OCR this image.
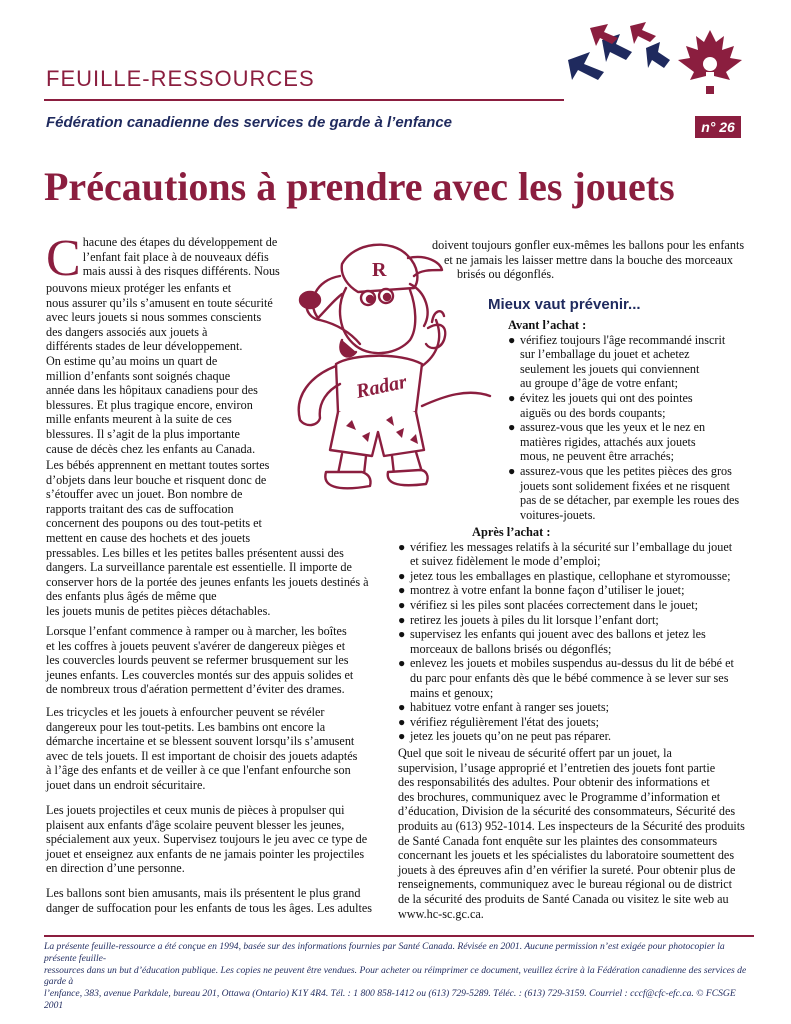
FEUILLE-RESSOURCES
Fédération canadienne des services de garde à l’enfance	n° 26
Précautions à prendre avec les jouets
C hacune des étapes du développement de
l’enfant fait place à de nouveaux défis
mais aussi à des risques différents. Nous
pouvons mieux protéger les enfants et
nous assurer qu’ils s’amusent en toute sécurité
avec leurs jouets si nous sommes conscients
des dangers associés aux jouets à
différents stades de leur développement.
On estime qu’au moins un quart de
million d’enfants sont soignés chaque
année dans les hôpitaux canadiens pour des
blessures. Et plus tragique encore, environ
mille enfants meurent à la suite de ces
blessures. Il s’agit de la plus importante
cause de décès chez les enfants au Canada.
Les bébés apprennent en mettant toutes sortes
d’objets dans leur bouche et risquent donc de
s’étouffer avec un jouet. Bon nombre de
rapports traitant des cas de suffocation
concernent des poupons ou des tout-petits et
mettent en cause des hochets et des jouets
pressables. Les billes et les petites balles présentent aussi des
dangers. La surveillance parentale est essentielle. Il importe de
conserver hors de la portée des jeunes enfants les jouets destinés à
des enfants plus âgés de même que
les jouets munis de petites pièces détachables.
Lorsque l’enfant commence à ramper ou à marcher, les boîtes
et les coffres à jouets peuvent s'avérer de dangereux pièges et
les couvercles lourds peuvent se refermer brusquement sur les
jeunes enfants. Les couvercles montés sur des appuis solides et
de nombreux trous d'aération permettent d’éviter des drames.
Les tricycles et les jouets à enfourcher peuvent se révéler
dangereux pour les tout-petits. Les bambins ont encore la
démarche incertaine et se blessent souvent lorsqu’ils s’amusent
avec de tels jouets. Il est important de choisir des jouets adaptés
à l’âge des enfants et de veiller à ce que l'enfant enfourche son
jouet dans un endroit sécuritaire.
Les jouets projectiles et ceux munis de pièces à propulser qui
plaisent aux enfants d'âge scolaire peuvent blesser les jeunes,
spécialement aux yeux. Supervisez toujours le jeu avec ce type de
jouet et enseignez aux enfants de ne jamais pointer les projectiles
en direction d’une personne.
Les ballons sont bien amusants, mais ils présentent le plus grand
danger de suffocation pour les enfants de tous les âges. Les adultes
R
Radar
doivent toujours gonfler eux-mêmes les ballons pour les enfants
et ne jamais les laisser mettre dans la bouche des morceaux
brisés ou dégonflés.
Mieux vaut prévenir...
Avant l’achat :
● vérifiez toujours l'âge recommandé inscrit
sur l’emballage du jouet et achetez
seulement les jouets qui conviennent
au groupe d’âge de votre enfant;
● évitez les jouets qui ont des pointes
aiguës ou des bords coupants;
● assurez-vous que les yeux et le nez en
matières rigides, attachés aux jouets
mous, ne peuvent être arrachés;
● assurez-vous que les petites pièces des gros
jouets sont solidement fixées et ne risquent
pas de se détacher, par exemple les roues des
voitures-jouets.
Après l’achat :
● vérifiez les messages relatifs à la sécurité sur l’emballage du jouet
et suivez fidèlement le mode d’emploi;
● jetez tous les emballages en plastique, cellophane et styromousse;
● montrez à votre enfant la bonne façon d’utiliser le jouet;
● vérifiez si les piles sont placées correctement dans le jouet;
● retirez les jouets à piles du lit lorsque l’enfant dort;
● supervisez les enfants qui jouent avec des ballons et jetez les
morceaux de ballons brisés ou dégonflés;
● enlevez les jouets et mobiles suspendus au-dessus du lit de bébé et
du parc pour enfants dès que le bébé commence à se lever sur ses
mains et genoux;
● habituez votre enfant à ranger ses jouets;
● vérifiez régulièrement l'état des jouets;
● jetez les jouets qu’on ne peut pas réparer.
Quel que soit le niveau de sécurité offert par un jouet, la
supervision, l’usage approprié et l’entretien des jouets font partie
des responsabilités des adultes. Pour obtenir des informations et
des brochures, communiquez avec le Programme d’information et
d’éducation, Division de la sécurité des consommateurs, Sécurité des
produits au (613) 952-1014. Les inspecteurs de la Sécurité des produits
de Santé Canada font enquête sur les plaintes des consommateurs
concernant les jouets et les spécialistes du laboratoire soumettent des
jouets à des épreuves afin d’en vérifier la sureté. Pour obtenir plus de
renseignements, communiquez avec le bureau régional ou de district
de la sécurité des produits de Santé Canada ou visitez le site web au
www.hc-sc.gc.ca.
La présente feuille-ressource a été conçue en 1994, basée sur des informations fournies par Santé Canada. Révisée en 2001. Aucune permission n’est exigée pour photocopier la présente feuille-
ressources dans un but d’éducation publique. Les copies ne peuvent être vendues. Pour acheter ou réimprimer ce document, veuillez écrire à la Fédération canadienne des services de garde à
l’enfance, 383, avenue Parkdale, bureau 201, Ottawa (Ontario) K1Y 4R4. Tél. : 1 800 858-1412 ou (613) 729-5289. Téléc. : (613) 729-3159. Courriel : cccf@cfc-efc.ca. © FCSGE 2001
